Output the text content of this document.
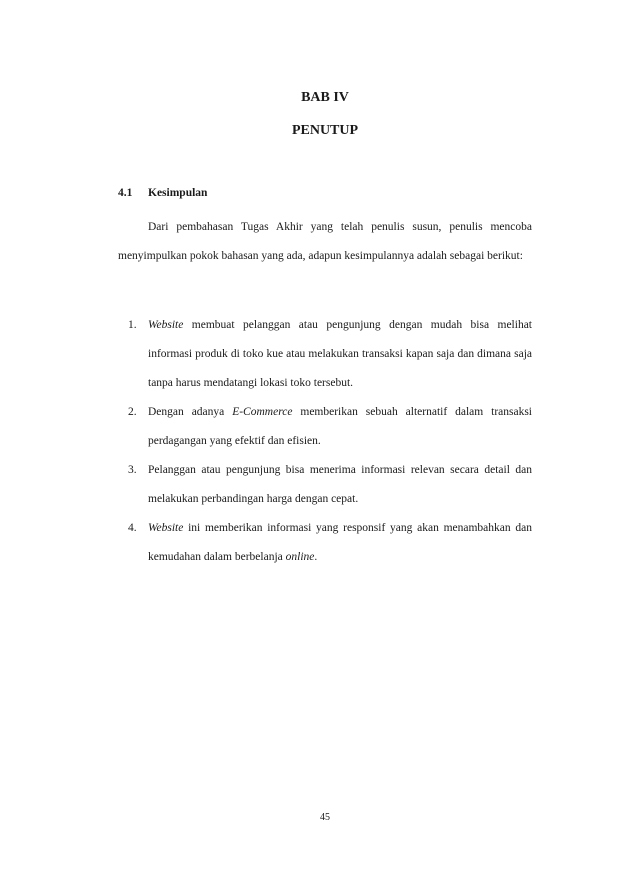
BAB IV
PENUTUP
4.1 Kesimpulan

Dari pembahasan Tugas Akhir yang telah penulis susun, penulis mencoba menyimpulkan pokok bahasan yang ada, adapun kesimpulannya adalah sebagai berikut:

1. Website membuat pelanggan atau pengunjung dengan mudah bisa melihat informasi produk di toko kue atau melakukan transaksi kapan saja dan dimana saja tanpa harus mendatangi lokasi toko tersebut.
2. Dengan adanya E-Commerce memberikan sebuah alternatif dalam transaksi perdagangan yang efektif dan efisien.
3. Pelanggan atau pengunjung bisa menerima informasi relevan secara detail dan melakukan perbandingan harga dengan cepat.
4. Website ini memberikan informasi yang responsif yang akan menambahkan dan kemudahan dalam berbelanja online.
45
